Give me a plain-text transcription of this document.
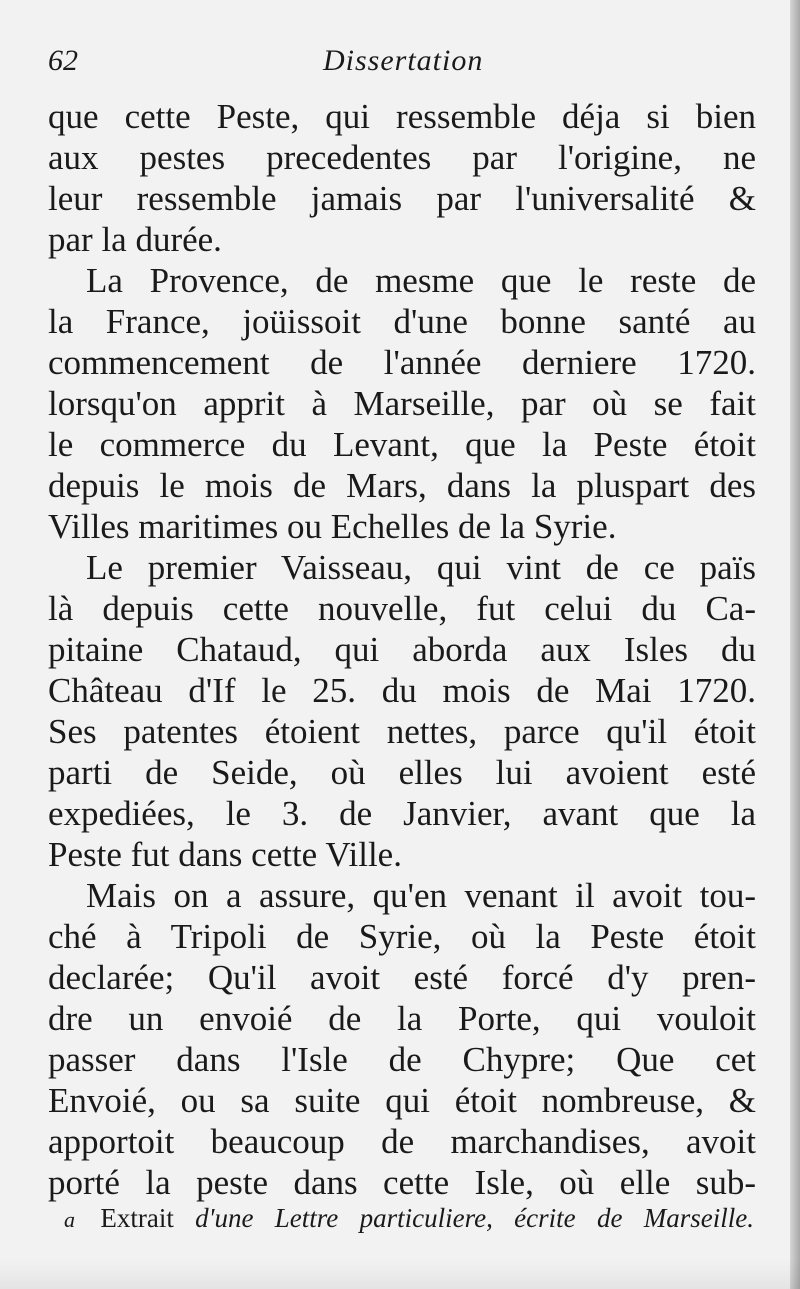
62	Dissertation
que cette Peste, qui ressemble déja si bien
aux pestes precedentes par l'origine, ne
leur ressemble jamais par l'universalité &
par la durée.
La Provence, de mesme que le reste de
la France, joüissoit d'une bonne santé au
commencement de l'année derniere 1720.
lorsqu'on apprit à Marseille, par où se fait
le commerce du Levant, que la Peste étoit
depuis le mois de Mars, dans la pluspart des
Villes maritimes ou Echelles de la Syrie.
Le premier Vaisseau, qui vint de ce païs
là depuis cette nouvelle, fut celui du Ca-
pitaine Chataud, qui aborda aux Isles du
Château d'If le 25. du mois de Mai 1720.
Ses patentes étoient nettes, parce qu'il étoit
parti de Seide, où elles lui avoient esté
expediées, le 3. de Janvier, avant que la
Peste fut dans cette Ville.
Mais on a assure, qu'en venant il avoit tou-
ché à Tripoli de Syrie, où la Peste étoit
declarée; Qu'il avoit esté forcé d'y pren-
dre un envoié de la Porte, qui vouloit
passer dans l'Isle de Chypre; Que cet
Envoié, ou sa suite qui étoit nombreuse, &
apportoit beaucoup de marchandises, avoit
porté la peste dans cette Isle, où elle sub-
a Extrait d'une Lettre particuliere, écrite de Marseille.
